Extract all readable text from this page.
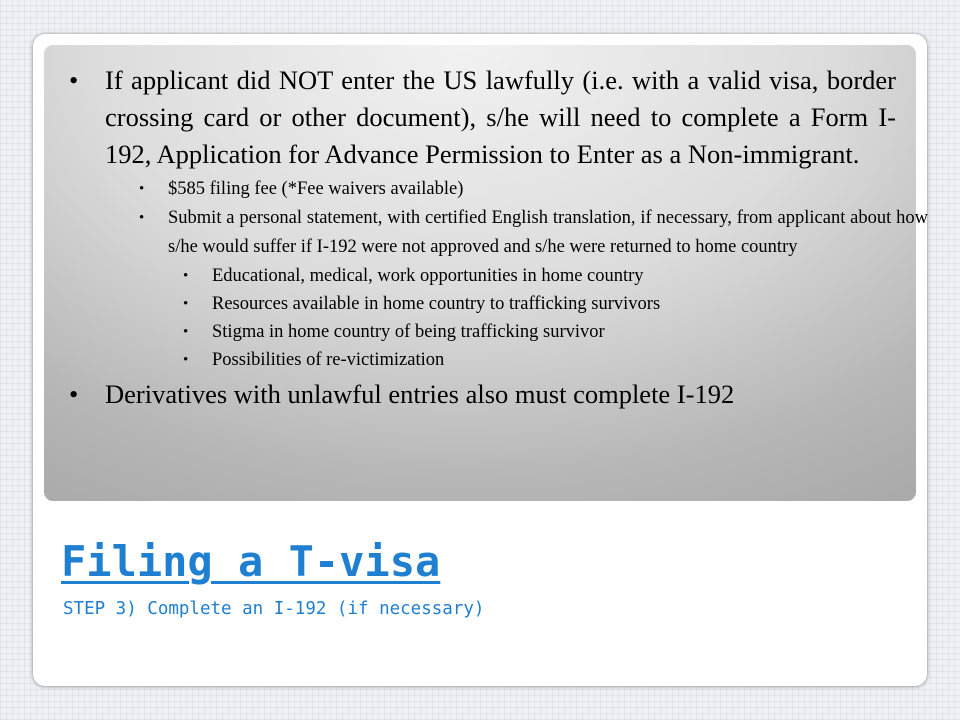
• If applicant did NOT enter the US lawfully (i.e. with a valid visa, border crossing card or other document), s/he will need to complete a Form I-192, Application for Advance Permission to Enter as a Non-immigrant.
• $585 filing fee (*Fee waivers available)
• Submit a personal statement, with certified English translation, if necessary, from applicant about how s/he would suffer if I-192 were not approved and s/he were returned to home country
• Educational, medical, work opportunities in home country
• Resources available in home country to trafficking survivors
• Stigma in home country of being trafficking survivor
• Possibilities of re-victimization
• Derivatives with unlawful entries also must complete I-192
Filing a T-visa
STEP 3) Complete an I-192 (if necessary)
